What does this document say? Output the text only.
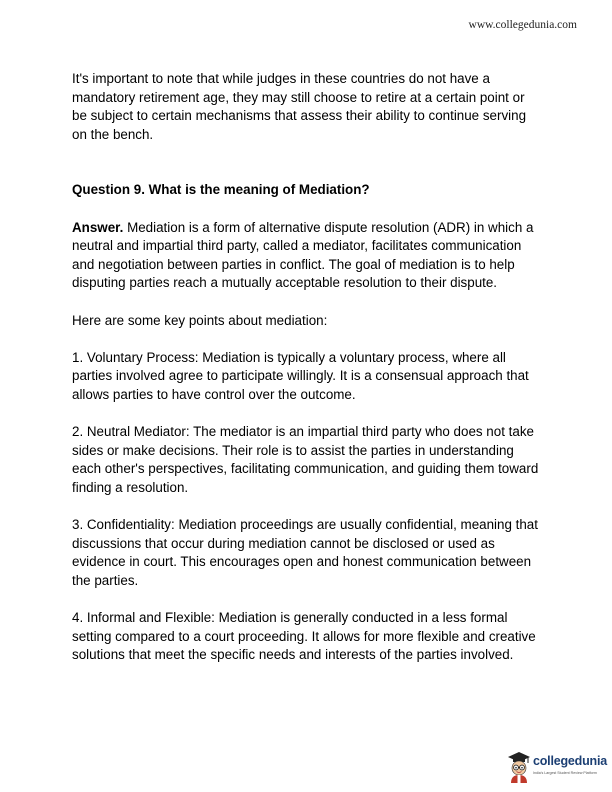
www.collegedunia.com

It's important to note that while judges in these countries do not have a mandatory retirement age, they may still choose to retire at a certain point or be subject to certain mechanisms that assess their ability to continue serving on the bench.

Question 9. What is the meaning of Mediation?

Answer. Mediation is a form of alternative dispute resolution (ADR) in which a neutral and impartial third party, called a mediator, facilitates communication and negotiation between parties in conflict. The goal of mediation is to help disputing parties reach a mutually acceptable resolution to their dispute.

Here are some key points about mediation:

1. Voluntary Process: Mediation is typically a voluntary process, where all parties involved agree to participate willingly. It is a consensual approach that allows parties to have control over the outcome.

2. Neutral Mediator: The mediator is an impartial third party who does not take sides or make decisions. Their role is to assist the parties in understanding each other's perspectives, facilitating communication, and guiding them toward finding a resolution.

3. Confidentiality: Mediation proceedings are usually confidential, meaning that discussions that occur during mediation cannot be disclosed or used as evidence in court. This encourages open and honest communication between the parties.

4. Informal and Flexible: Mediation is generally conducted in a less formal setting compared to a court proceeding. It allows for more flexible and creative solutions that meet the specific needs and interests of the parties involved.

collegedunia
India's Largest Student Review Platform
